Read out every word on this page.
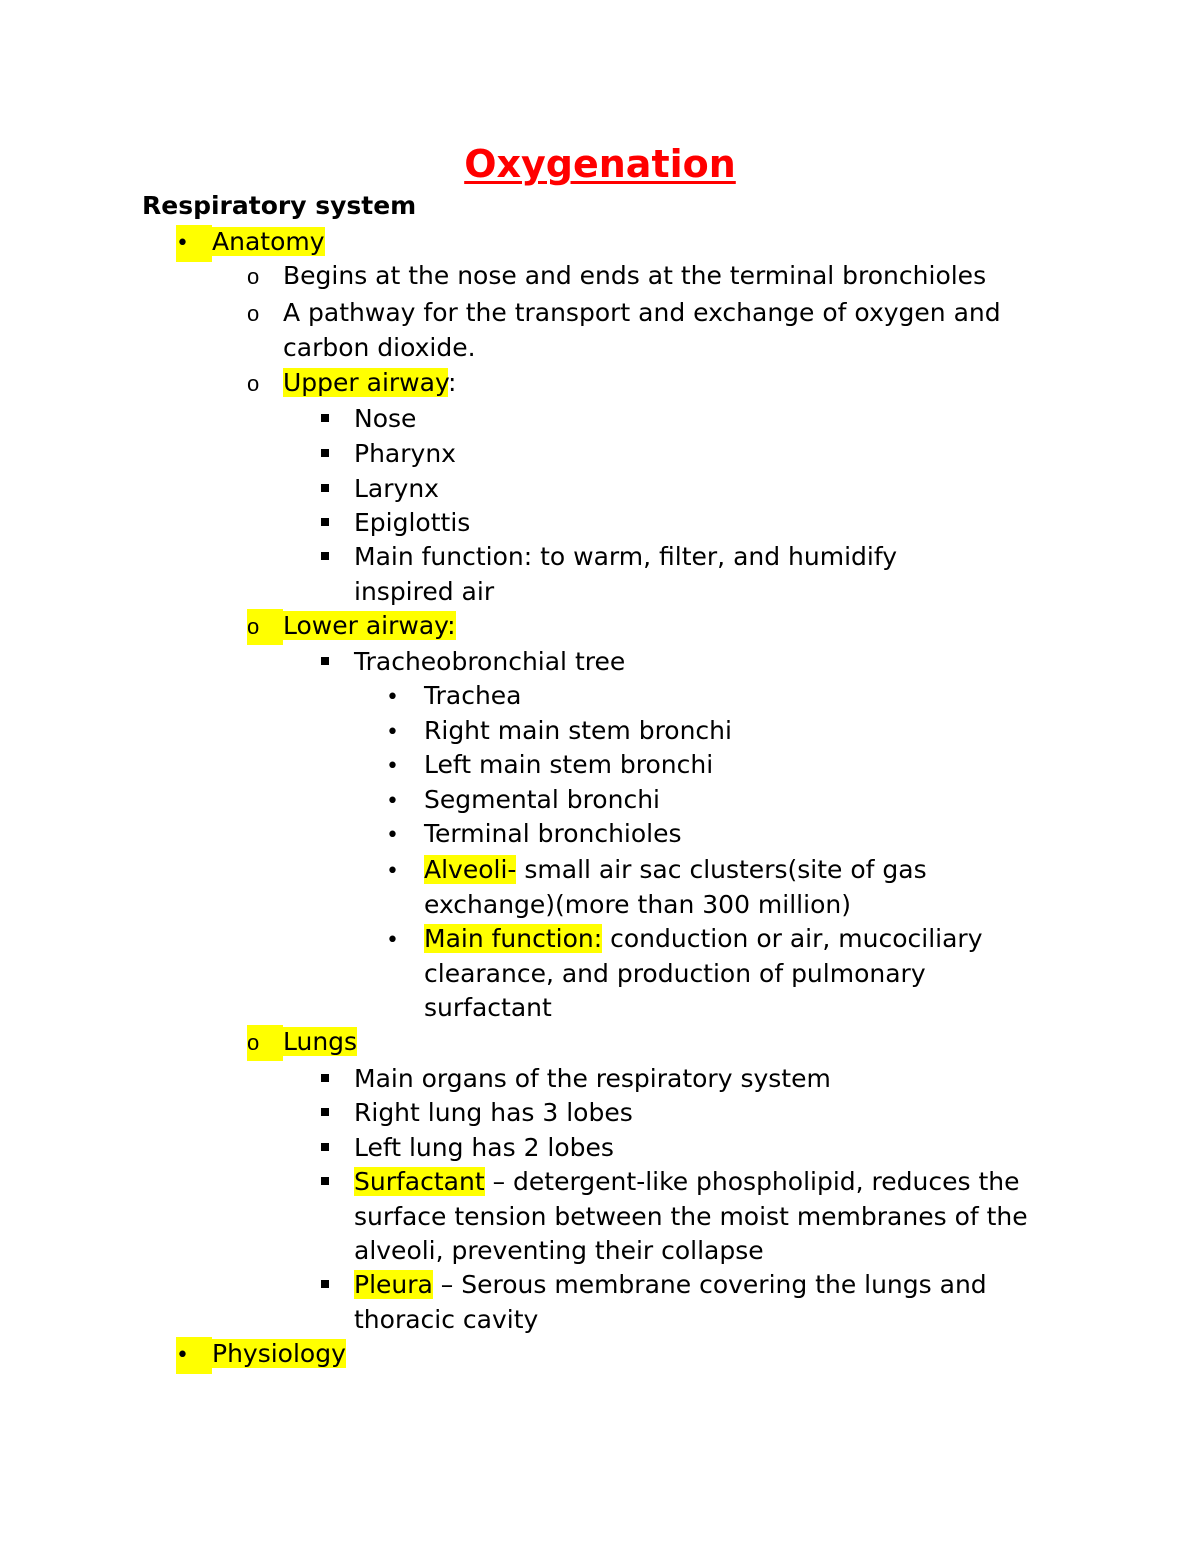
Oxygenation
Respiratory system
•
Anatomy
o
Begins at the nose and ends at the terminal bronchioles
o
A pathway for the transport and exchange of oxygen and carbon dioxide.
o
Upper airway:
Nose
Pharynx
Larynx
Epiglottis
Main function: to warm, filter, and humidify inspired air
o
Lower airway:
Tracheobronchial tree
•
Trachea
•
Right main stem bronchi
•
Left main stem bronchi
•
Segmental bronchi
•
Terminal bronchioles
•
Alveoli- small air sac clusters(site of gas exchange)(more than 300 million)
•
Main function: conduction or air, mucociliary clearance, and production of pulmonary surfactant
o
Lungs
Main organs of the respiratory system
Right lung has 3 lobes
Left lung has 2 lobes
Surfactant – detergent-like phospholipid, reduces the surface tension between the moist membranes of the alveoli, preventing their collapse
Pleura – Serous membrane covering the lungs and thoracic cavity
•
Physiology
